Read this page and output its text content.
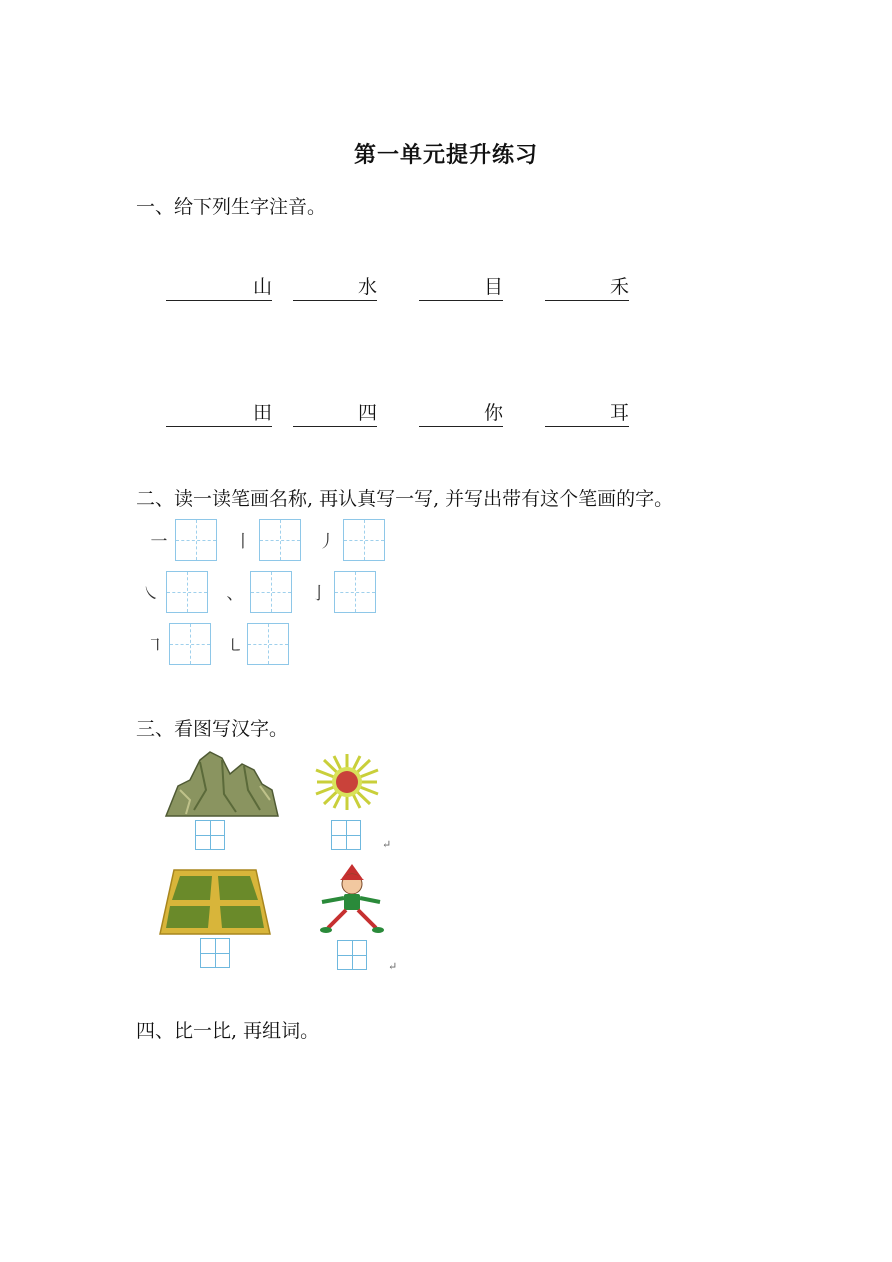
第一单元提升练习
一、给下列生字注音。
山	水	目	禾
田	四	你	耳
二、读一读笔画名称, 再认真写一写, 并写出带有这个笔画的字。
一	丨	丿
㇏	、	亅
㇕	㇄
三、看图写汉字。
↵
↵
四、比一比, 再组词。
